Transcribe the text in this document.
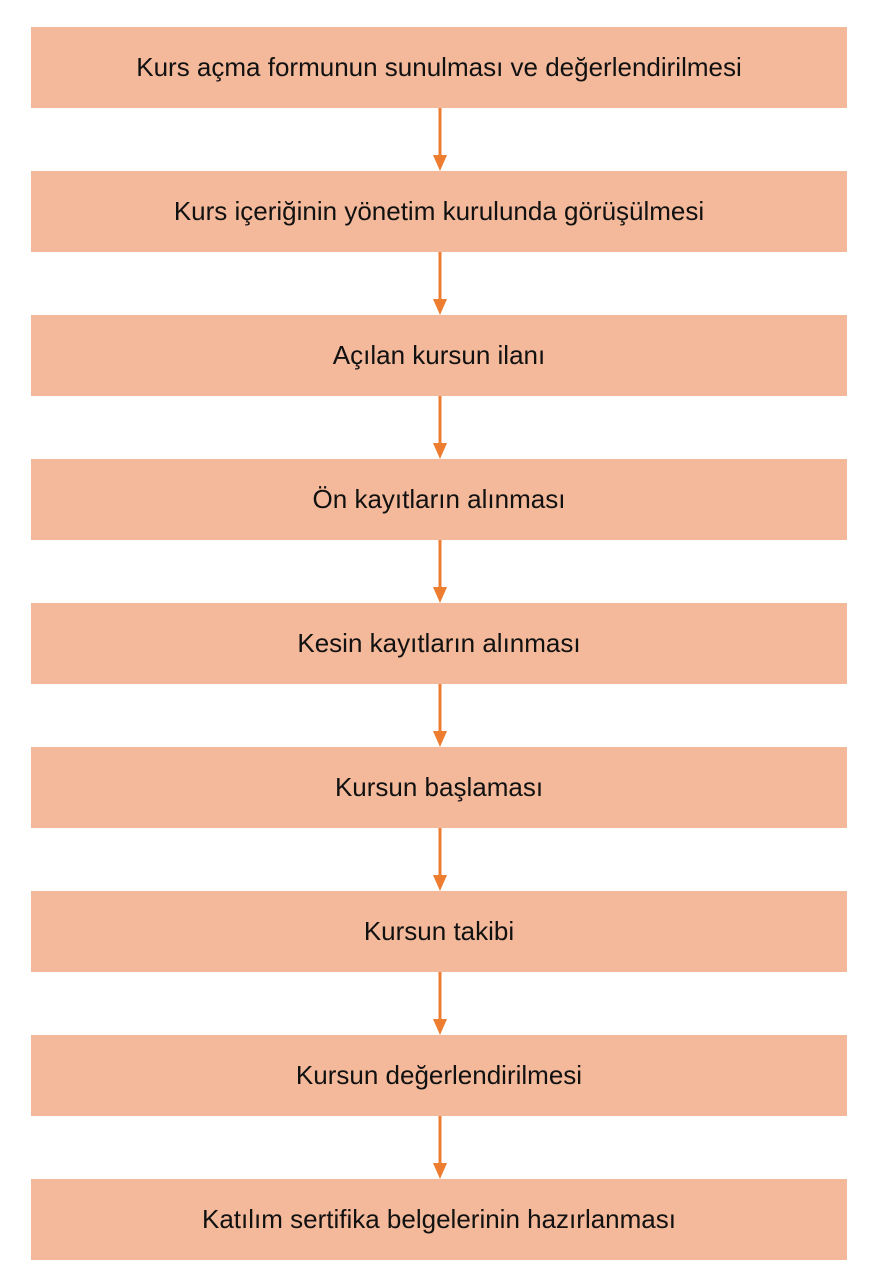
Kurs açma formunun sunulması ve değerlendirilmesi
Kurs içeriğinin yönetim kurulunda görüşülmesi
Açılan kursun ilanı
Ön kayıtların alınması
Kesin kayıtların alınması
Kursun başlaması
Kursun takibi
Kursun değerlendirilmesi
Katılım sertifika belgelerinin hazırlanması
